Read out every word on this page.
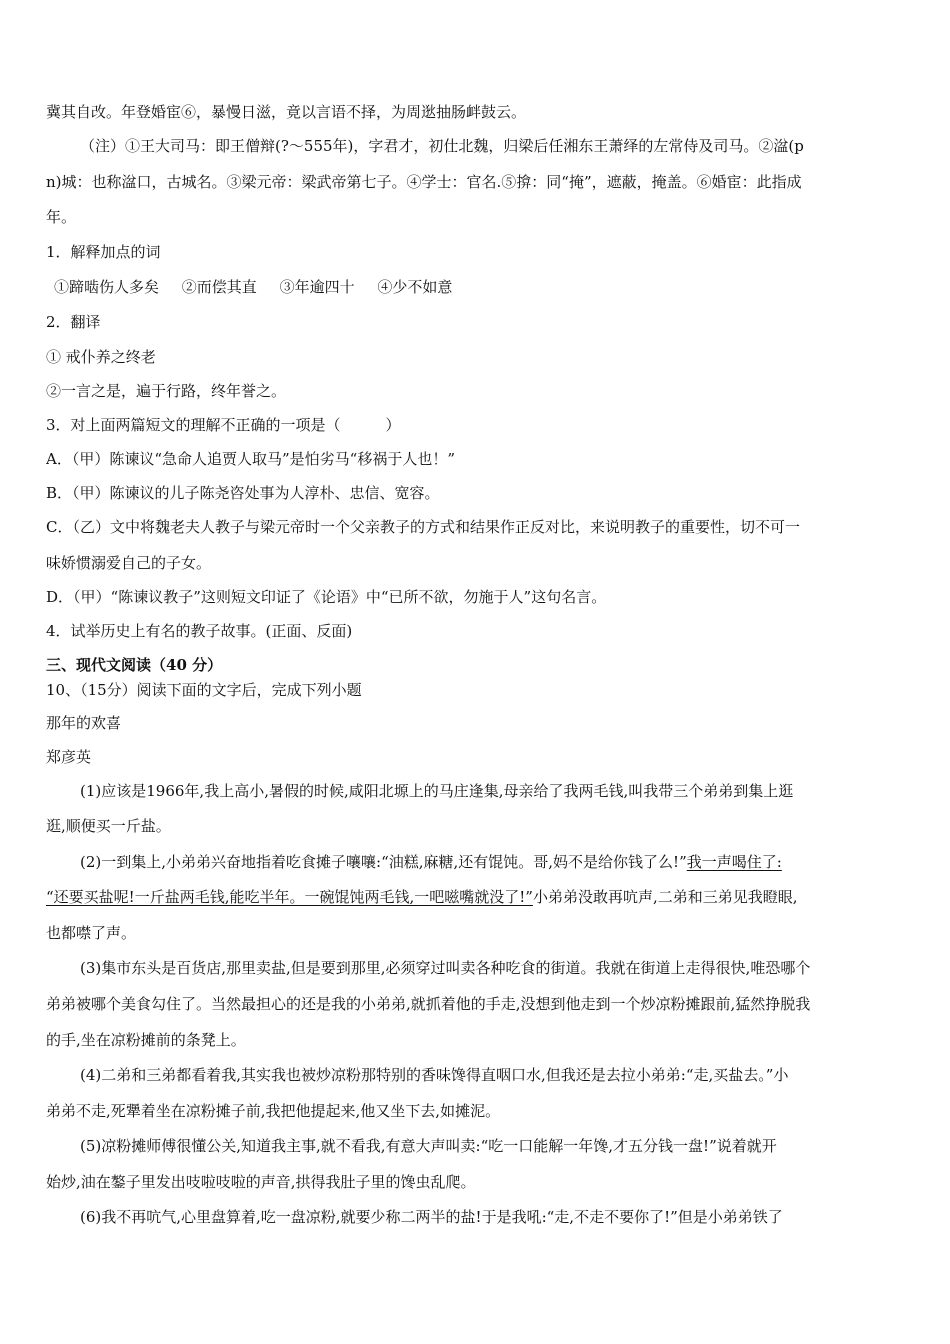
冀其自改。年登婚宦⑥，暴慢日滋，竟以言语不择，为周逖抽肠衅鼓云。
（注）①王大司马：即王僧辩(?～555年)，字君才，初仕北魏，归梁后任湘东王萧绎的左常侍及司马。②湓(p
n)城：也称湓口，古城名。③梁元帝：梁武帝第七子。④学士：官名.⑤揜：同“掩”，遮蔽，掩盖。⑥婚宦：此指成
年。
1．解释加点的词
①蹄啮伤人多矣 ②而偿其直 ③年逾四十 ④少不如意
2．翻译
① 戒仆养之终老
②一言之是，遍于行路，终年誉之。
3．对上面两篇短文的理解不正确的一项是（　　　）
A．（甲）陈谏议“急命人追贾人取马”是怕劣马“移祸于人也！”
B．（甲）陈谏议的儿子陈尧咨处事为人淳朴、忠信、宽容。
C．（乙）文中将魏老夫人教子与梁元帝时一个父亲教子的方式和结果作正反对比，来说明教子的重要性，切不可一
味娇惯溺爱自己的子女。
D．（甲）“陈谏议教子”这则短文印证了《论语》中“已所不欲，勿施于人”这句名言。
4．试举历史上有名的教子故事。(正面、反面)
三、现代文阅读（40 分）
10、（15分）阅读下面的文字后，完成下列小题
那年的欢喜
郑彦英
(1)应该是1966年,我上高小,暑假的时候,咸阳北塬上的马庄逢集,母亲给了我两毛钱,叫我带三个弟弟到集上逛
逛,顺便买一斤盐。
(2)一到集上,小弟弟兴奋地指着吃食摊子嚷嚷:“油糕,麻糖,还有馄饨。哥,妈不是给你钱了么!”我一声喝住了:
“还要买盐呢!一斤盐两毛钱,能吃半年。一碗馄饨两毛钱,一吧嗞嘴就没了!”小弟弟没敢再吭声,二弟和三弟见我瞪眼,
也都噤了声。
(3)集市东头是百货店,那里卖盐,但是要到那里,必须穿过叫卖各种吃食的街道。我就在街道上走得很快,唯恐哪个
弟弟被哪个美食勾住了。当然最担心的还是我的小弟弟,就抓着他的手走,没想到他走到一个炒凉粉摊跟前,猛然挣脱我
的手,坐在凉粉摊前的条凳上。
(4)二弟和三弟都看着我,其实我也被炒凉粉那特别的香味馋得直咽口水,但我还是去拉小弟弟:“走,买盐去。”小
弟弟不走,死犟着坐在凉粉摊子前,我把他提起来,他又坐下去,如摊泥。
(5)凉粉摊师傅很懂公关,知道我主事,就不看我,有意大声叫卖:“吃一口能解一年馋,才五分钱一盘!”说着就开
始炒,油在鏊子里发出吱啦吱啦的声音,拱得我肚子里的馋虫乱爬。
(6)我不再吭气,心里盘算着,吃一盘凉粉,就要少称二两半的盐!于是我吼:“走,不走不要你了!”但是小弟弟铁了
